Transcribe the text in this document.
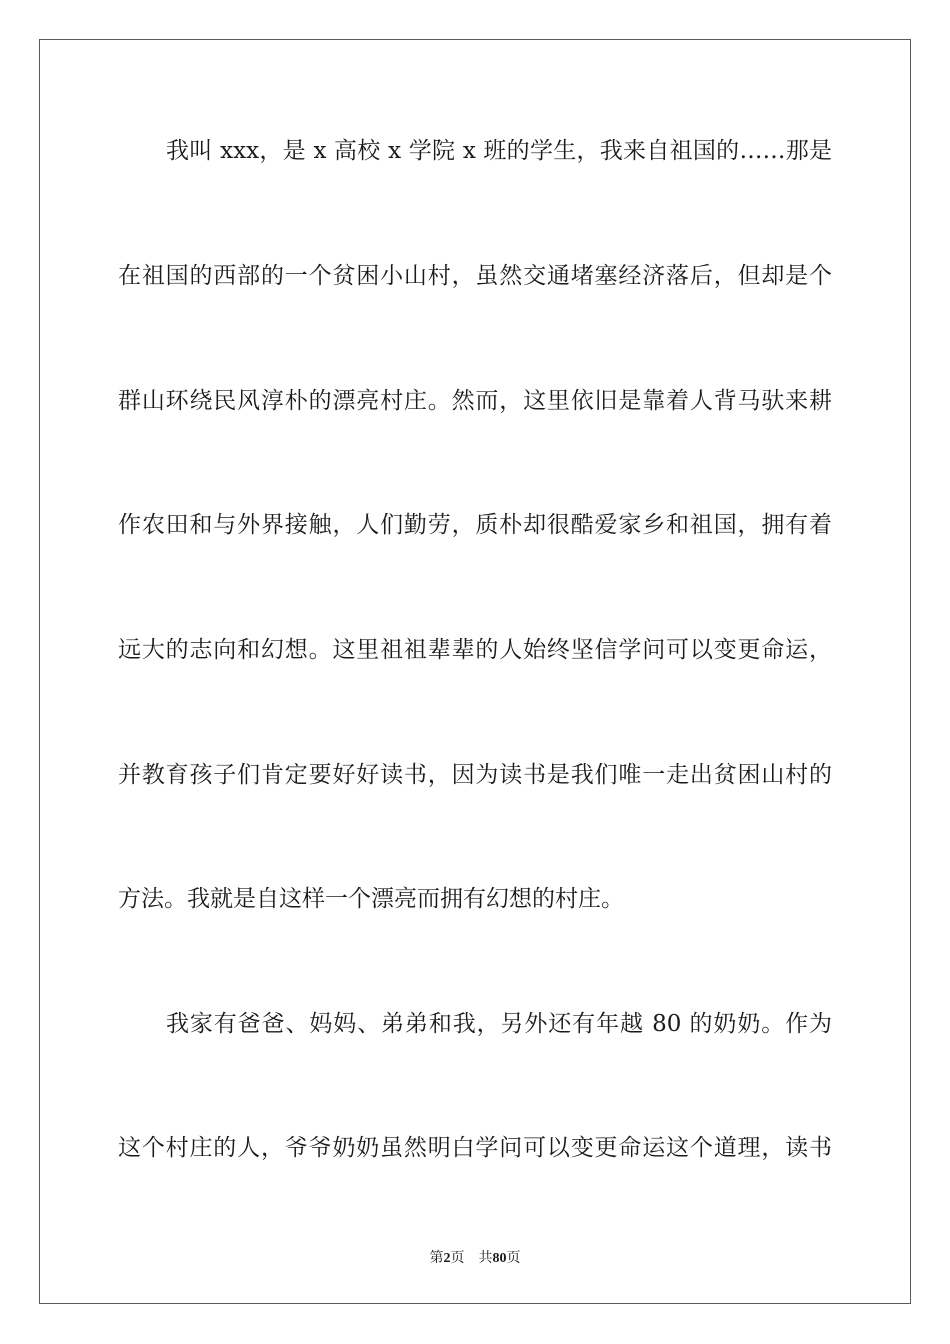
我叫 xxx，是 x 高校 x 学院 x 班的学生，我来自祖国的……那是
在祖国的西部的一个贫困小山村，虽然交通堵塞经济落后，但却是个
群山环绕民风淳朴的漂亮村庄。然而，这里依旧是靠着人背马驮来耕
作农田和与外界接触，人们勤劳，质朴却很酷爱家乡和祖国，拥有着
远大的志向和幻想。这里祖祖辈辈的人始终坚信学问可以变更命运，
并教育孩子们肯定要好好读书，因为读书是我们唯一走出贫困山村的
方法。我就是自这样一个漂亮而拥有幻想的村庄。
我家有爸爸、妈妈、弟弟和我，另外还有年越 80 的奶奶。作为
这个村庄的人，爷爷奶奶虽然明白学问可以变更命运这个道理，读书
第2页 共80页
